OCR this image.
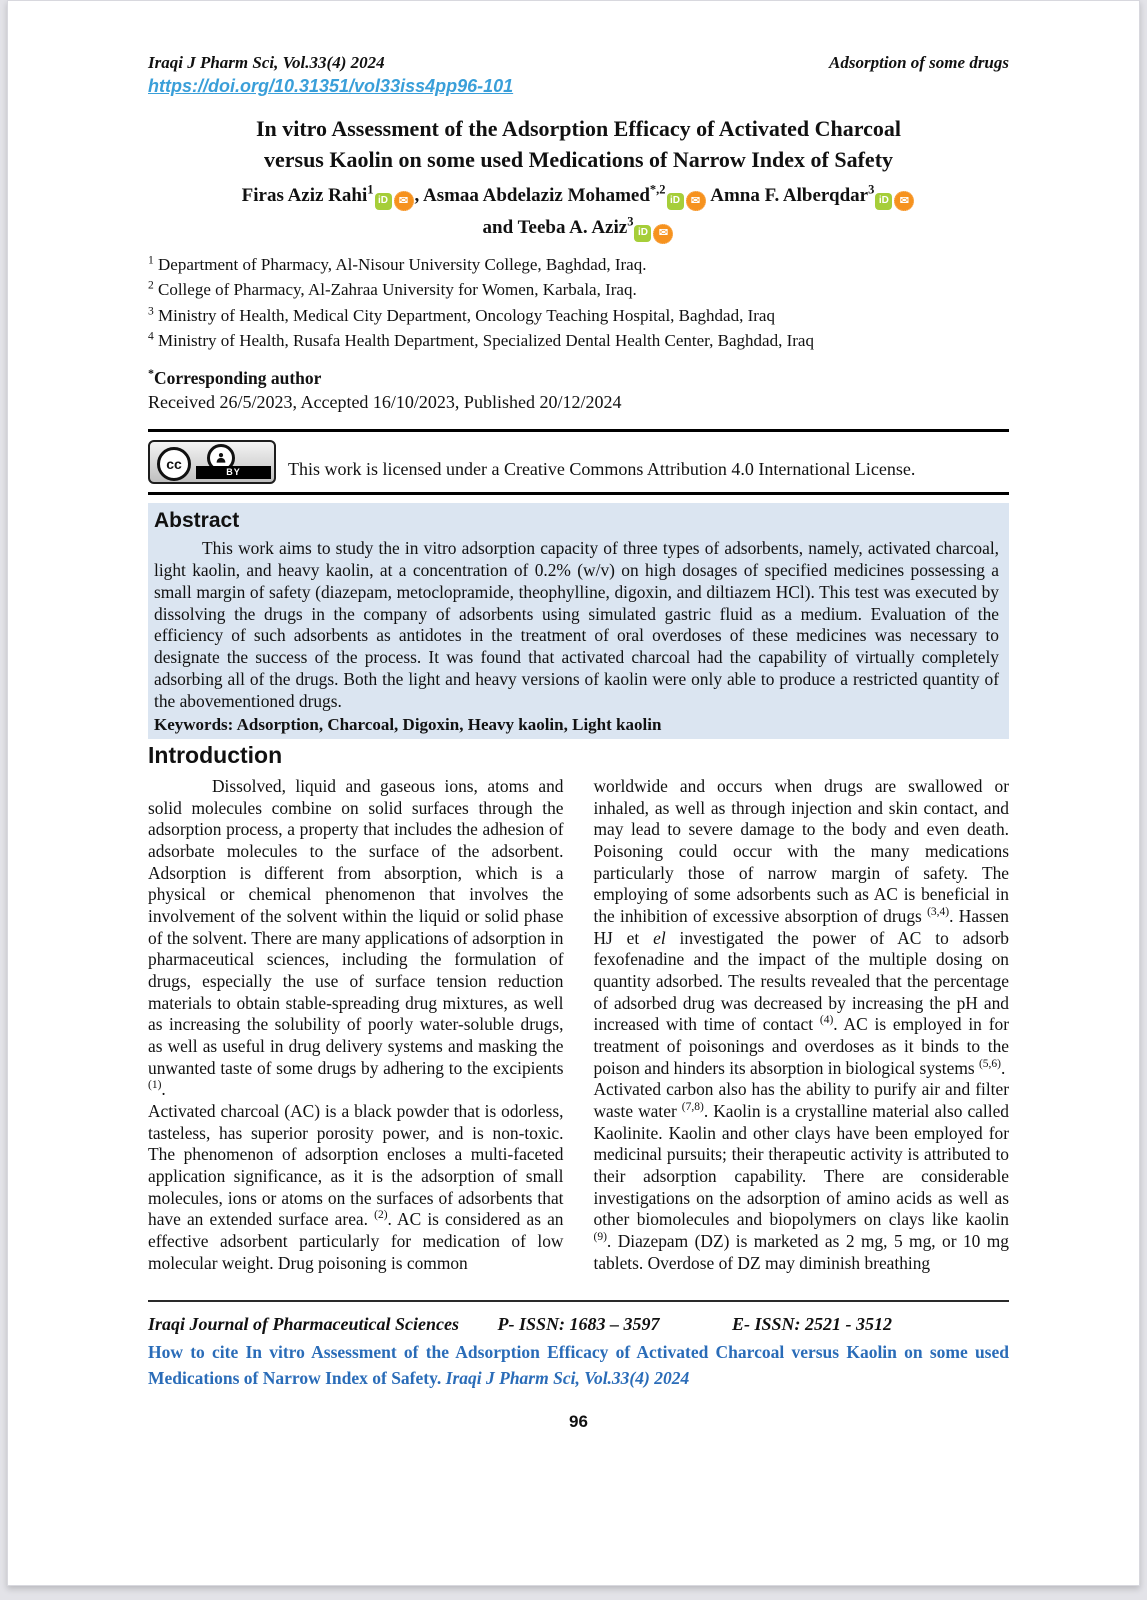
Iraqi J Pharm Sci, Vol.33(4) 2024	Adsorption of some drugs
https://doi.org/10.31351/vol33iss4pp96-101
In vitro Assessment of the Adsorption Efficacy of Activated Charcoal
versus Kaolin on some used Medications of Narrow Index of Safety
Firas Aziz Rahi$^1$iD ✉ , Asmaa Abdelaziz Mohamed$^{*,2}$iD ✉ Amna F. Alberqdar$^3$iD ✉
and Teeba A. Aziz$^3$iD ✉
$^1$ Department of Pharmacy, Al-Nisour University College, Baghdad, Iraq.
$^2$ College of Pharmacy, Al-Zahraa University for Women, Karbala, Iraq.
$^3$ Ministry of Health, Medical City Department, Oncology Teaching Hospital, Baghdad, Iraq
$^4$ Ministry of Health, Rusafa Health Department, Specialized Dental Health Center, Baghdad, Iraq
*Corresponding author
Received 26/5/2023, Accepted 16/10/2023, Published 20/12/2024
cc	BY	This work is licensed under a Creative Commons Attribution 4.0 International License.
Abstract

This work aims to study the in vitro adsorption capacity of three types of adsorbents, namely, activated charcoal, light kaolin, and heavy kaolin, at a concentration of 0.2% (w/v) on high dosages of specified medicines possessing a small margin of safety (diazepam, metoclopramide, theophylline, digoxin, and diltiazem HCl). This test was executed by dissolving the drugs in the company of adsorbents using simulated gastric fluid as a medium. Evaluation of the efficiency of such adsorbents as antidotes in the treatment of oral overdoses of these medicines was necessary to designate the success of the process. It was found that activated charcoal had the capability of virtually completely adsorbing all of the drugs. Both the light and heavy versions of kaolin were only able to produce a restricted quantity of the abovementioned drugs.

Keywords: Adsorption, Charcoal, Digoxin, Heavy kaolin, Light kaolin
Introduction

Dissolved, liquid and gaseous ions, atoms and solid molecules combine on solid surfaces through the adsorption process, a property that includes the adhesion of adsorbate molecules to the surface of the adsorbent. Adsorption is different from absorption, which is a physical or chemical phenomenon that involves the involvement of the solvent within the liquid or solid phase of the solvent. There are many applications of adsorption in pharmaceutical sciences, including the formulation of drugs, especially the use of surface tension reduction materials to obtain stable-spreading drug mixtures, as well as increasing the solubility of poorly water-soluble drugs, as well as useful in drug delivery systems and masking the unwanted taste of some drugs by adhering to the excipients $^{(1)}$.

Activated charcoal (AC) is a black powder that is odorless, tasteless, has superior porosity power, and is non-toxic. The phenomenon of adsorption encloses a multi-faceted application significance, as it is the adsorption of small molecules, ions or atoms on the surfaces of adsorbents that have an extended surface area. $^{(2)}$. AC is considered as an effective adsorbent particularly for medication of low molecular weight. Drug poisoning is common

worldwide and occurs when drugs are swallowed or inhaled, as well as through injection and skin contact, and may lead to severe damage to the body and even death. Poisoning could occur with the many medications particularly those of narrow margin of safety. The employing of some adsorbents such as AC is beneficial in the inhibition of excessive absorption of drugs $^{(3,4)}$. Hassen HJ et el investigated the power of AC to adsorb fexofenadine and the impact of the multiple dosing on quantity adsorbed. The results revealed that the percentage of adsorbed drug was decreased by increasing the pH and increased with time of contact $^{(4)}$. AC is employed in for treatment of poisonings and overdoses as it binds to the poison and hinders its absorption in biological systems $^{(5,6)}$.

Activated carbon also has the ability to purify air and filter waste water $^{(7,8)}$. Kaolin is a crystalline material also called Kaolinite. Kaolin and other clays have been employed for medicinal pursuits; their therapeutic activity is attributed to their adsorption capability. There are considerable investigations on the adsorption of amino acids as well as other biomolecules and biopolymers on clays like kaolin $^{(9)}$. Diazepam (DZ) is marketed as 2 mg, 5 mg, or 10 mg tablets. Overdose of DZ may diminish breathing

Iraqi Journal of Pharmaceutical Sciences P- ISSN: 1683 – 3597	E- ISSN: 2521 - 3512
How to cite In vitro Assessment of the Adsorption Efficacy of Activated Charcoal versus Kaolin on some used Medications of Narrow Index of Safety. Iraqi J Pharm Sci, Vol.33(4) 2024
96
